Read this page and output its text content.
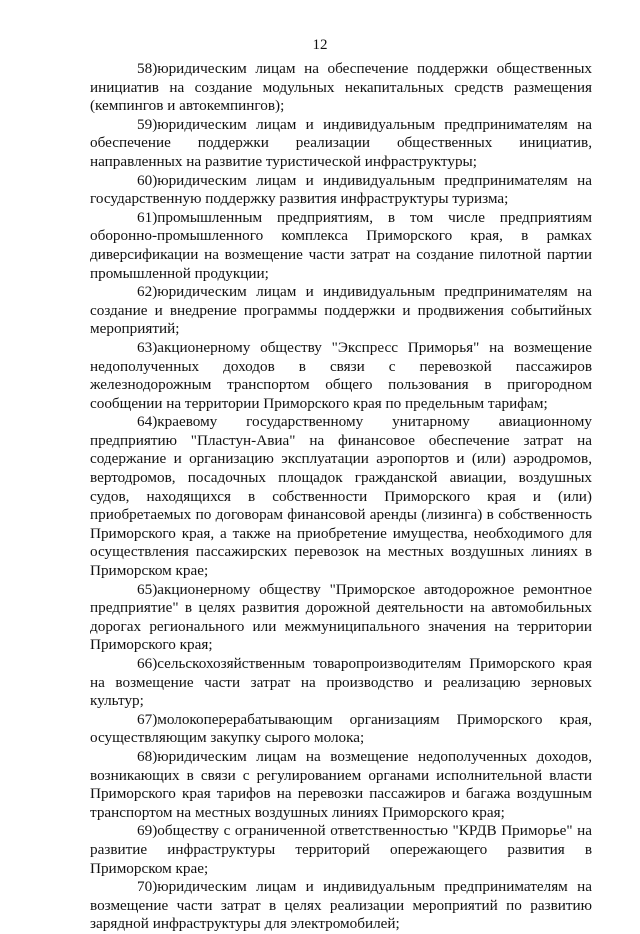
12

58)юридическим лицам на обеспечение поддержки общественных инициатив на создание модульных некапитальных средств размещения (кемпингов и автокемпингов);

59)юридическим лицам и индивидуальным предпринимателям на обеспечение поддержки реализации общественных инициатив, направленных на развитие туристической инфраструктуры;

60)юридическим лицам и индивидуальным предпринимателям на государственную поддержку развития инфраструктуры туризма;

61)промышленным предприятиям, в том числе предприятиям оборонно-промышленного комплекса Приморского края, в рамках диверсификации на возмещение части затрат на создание пилотной партии промышленной продукции;

62)юридическим лицам и индивидуальным предпринимателям на создание и внедрение программы поддержки и продвижения событийных мероприятий;

63)акционерному обществу "Экспресс Приморья" на возмещение недополученных доходов в связи с перевозкой пассажиров железнодорожным транспортом общего пользования в пригородном сообщении на территории Приморского края по предельным тарифам;

64)краевому государственному унитарному авиационному предприятию "Пластун-Авиа" на финансовое обеспечение затрат на содержание и организацию эксплуатации аэропортов и (или) аэродромов, вертодромов, посадочных площадок гражданской авиации, воздушных судов, находящихся в собственности Приморского края и (или) приобретаемых по договорам финансовой аренды (лизинга) в собственность Приморского края, а также на приобретение имущества, необходимого для осуществления пассажирских перевозок на местных воздушных линиях в Приморском крае;

65)акционерному обществу "Приморское автодорожное ремонтное предприятие" в целях развития дорожной деятельности на автомобильных дорогах регионального или межмуниципального значения на территории Приморского края;

66)сельскохозяйственным товаропроизводителям Приморского края на возмещение части затрат на производство и реализацию зерновых культур;

67)молокоперерабатывающим организациям Приморского края, осуществляющим закупку сырого молока;

68)юридическим лицам на возмещение недополученных доходов, возникающих в связи с регулированием органами исполнительной власти Приморского края тарифов на перевозки пассажиров и багажа воздушным транспортом на местных воздушных линиях Приморского края;

69)обществу с ограниченной ответственностью "КРДВ Приморье" на развитие инфраструктуры территорий опережающего развития в Приморском крае;

70)юридическим лицам и индивидуальным предпринимателям на возмещение части затрат в целях реализации мероприятий по развитию зарядной инфраструктуры для электромобилей;
